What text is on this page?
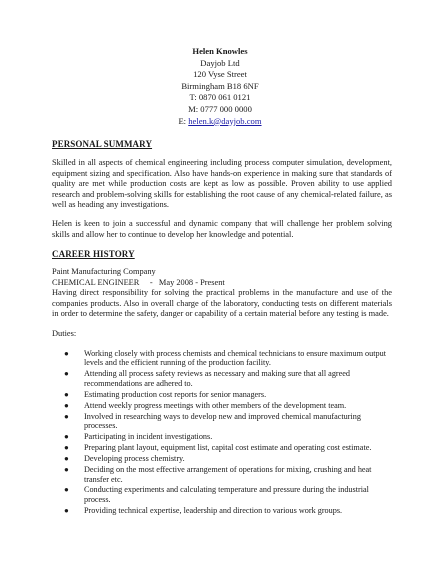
Helen Knowles
Dayjob Ltd
120 Vyse Street
Birmingham B18 6NF
T: 0870 061 0121
M: 0777 000 0000
E: helen.k@dayjob.com
PERSONAL SUMMARY

Skilled in all aspects of chemical engineering including process computer simulation, development, equipment sizing and specification. Also have hands-on experience in making sure that standards of quality are met while production costs are kept as low as possible. Proven ability to use applied research and problem-solving skills for establishing the root cause of any chemical-related failure, as well as heading any investigations.

Helen is keen to join a successful and dynamic company that will challenge her problem solving skills and allow her to continue to develop her knowledge and potential.

CAREER HISTORY

Paint Manufacturing Company

CHEMICAL ENGINEER     -   May 2008 - Present

Having direct responsibility for solving the practical problems in the manufacture and use of the companies products. Also in overall charge of the laboratory, conducting tests on different materials in order to determine the safety, danger or capability of a certain material before any testing is made.

Duties:

● Working closely with process chemists and chemical technicians to ensure maximum output levels and the efficient running of the production facility.
● Attending all process safety reviews as necessary and making sure that all agreed recommendations are adhered to.
● Estimating production cost reports for senior managers.
● Attend weekly progress meetings with other members of the development team.
● Involved in researching ways to develop new and improved chemical manufacturing processes.
● Participating in incident investigations.
● Preparing plant layout, equipment list, capital cost estimate and operating cost estimate.
● Developing process chemistry.
● Deciding on the most effective arrangement of operations for mixing, crushing and heat transfer etc.
● Conducting experiments and calculating temperature and pressure during the industrial process.
● Providing technical expertise, leadership and direction to various work groups.
